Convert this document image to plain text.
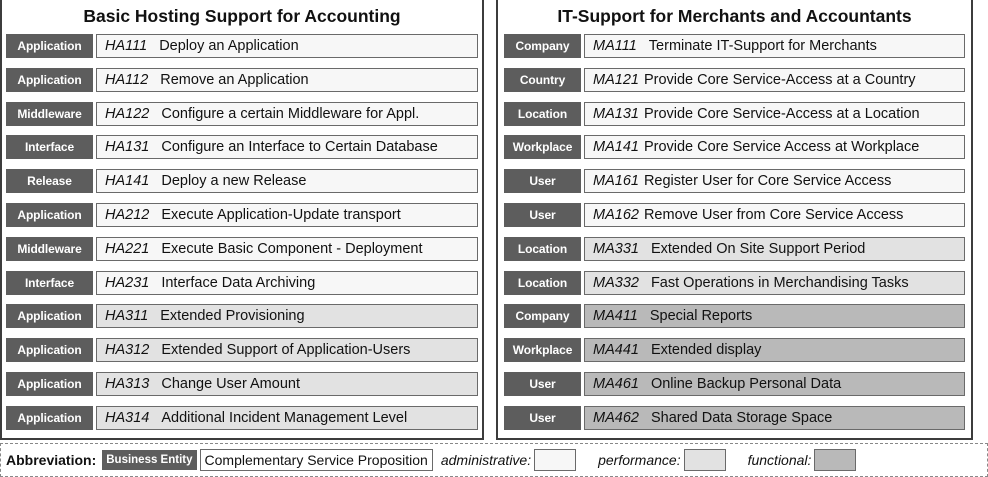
Basic Hosting Support for Accounting
Application	HA111 Deploy an Application
Application	HA112 Remove an Application
Middleware	HA122 Configure a certain Middleware for Appl.
Interface	HA131 Configure an Interface to Certain Database
Release	HA141 Deploy a new Release
Application	HA212 Execute Application-Update transport
Middleware	HA221 Execute Basic Component - Deployment
Interface	HA231 Interface Data Archiving
Application	HA311 Extended Provisioning
Application	HA312 Extended Support of Application-Users
Application	HA313 Change User Amount
Application	HA314 Additional Incident Management Level
IT-Support for Merchants and Accountants
Company	MA111 Terminate IT-Support for Merchants
Country	MA121 Provide Core Service-Access at a Country
Location	MA131 Provide Core Service-Access at a Location
Workplace	MA141 Provide Core Service Access at Workplace
User	MA161 Register User for Core Service Access
User	MA162 Remove User from Core Service Access
Location	MA331 Extended On Site Support Period
Location	MA332 Fast Operations in Merchandising Tasks
Company	MA411 Special Reports
Workplace	MA441 Extended display
User	MA461 Online Backup Personal Data
User	MA462 Shared Data Storage Space
Abbreviation: Business Entity Complementary Service Proposition administrative:	performance:	functional:
